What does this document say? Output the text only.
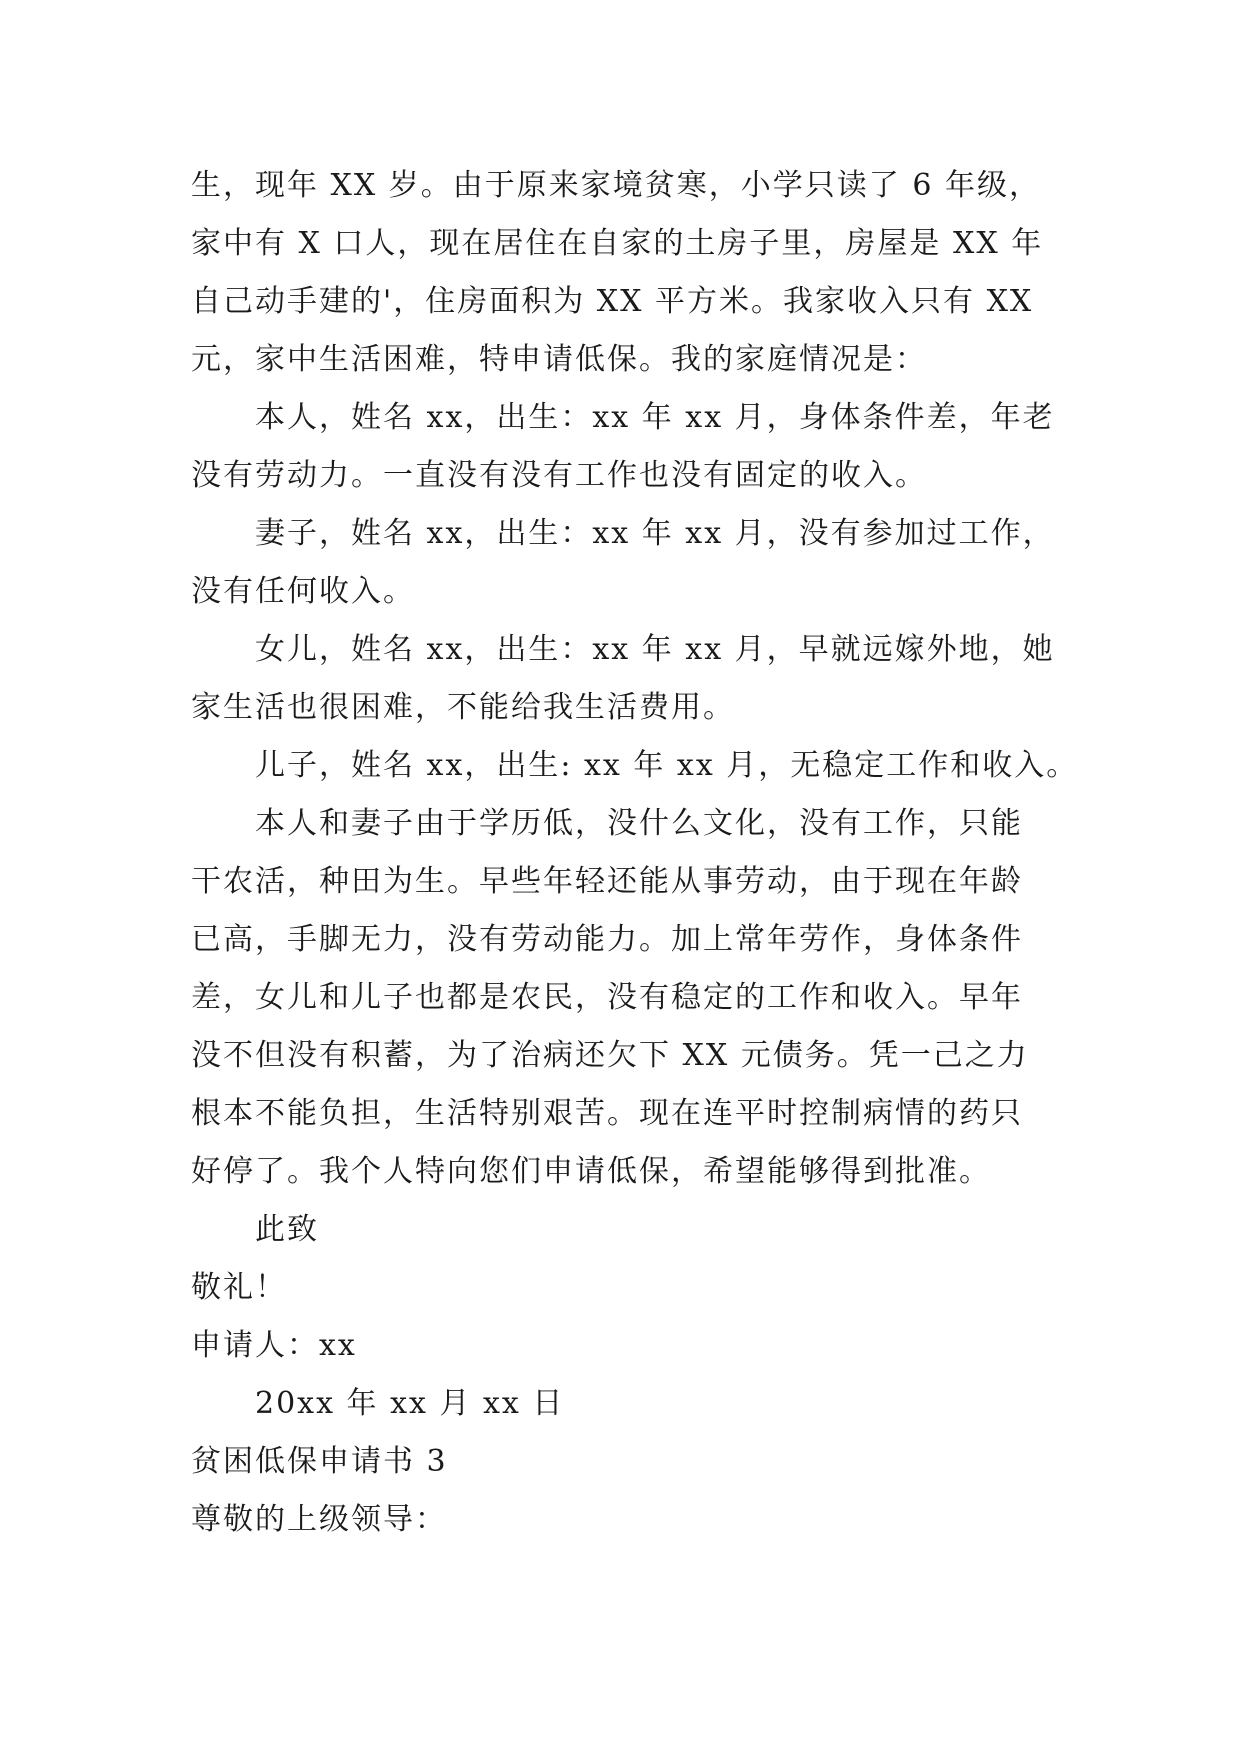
生，现年 XX 岁。由于原来家境贫寒，小学只读了 6 年级，
家中有 X 口人，现在居住在自家的土房子里，房屋是 XX 年
自己动手建的'，住房面积为 XX 平方米。我家收入只有 XX
元，家中生活困难，特申请低保。我的家庭情况是：
本人，姓名 xx，出生：xx 年 xx 月，身体条件差，年老
没有劳动力。一直没有没有工作也没有固定的收入。
妻子，姓名 xx，出生：xx 年 xx 月，没有参加过工作，
没有任何收入。
女儿，姓名 xx，出生：xx 年 xx 月，早就远嫁外地，她
家生活也很困难，不能给我生活费用。
儿子，姓名 xx，出生: xx 年 xx 月，无稳定工作和收入。
本人和妻子由于学历低，没什么文化，没有工作，只能
干农活，种田为生。早些年轻还能从事劳动，由于现在年龄
已高，手脚无力，没有劳动能力。加上常年劳作，身体条件
差，女儿和儿子也都是农民，没有稳定的工作和收入。早年
没不但没有积蓄，为了治病还欠下 XX 元债务。凭一己之力
根本不能负担，生活特别艰苦。现在连平时控制病情的药只
好停了。我个人特向您们申请低保，希望能够得到批准。
此致
敬礼！
申请人：xx
20xx 年 xx 月 xx 日
贫困低保申请书 3
尊敬的上级领导：
